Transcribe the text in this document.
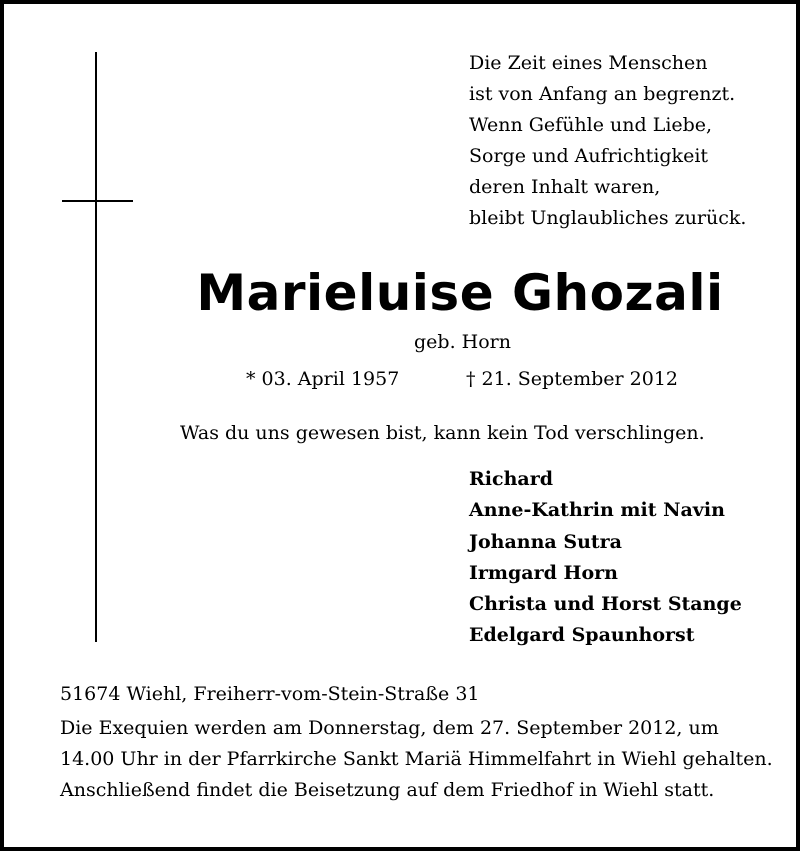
Die Zeit eines Menschen
ist von Anfang an begrenzt.
Wenn Gefühle und Liebe,
Sorge und Aufrichtigkeit
deren Inhalt waren,
bleibt Unglaubliches zurück.
Marieluise Ghozali
geb. Horn
* 03. April 1957	† 21. September 2012
Was du uns gewesen bist, kann kein Tod verschlingen.
Richard
Anne-Kathrin mit Navin
Johanna Sutra
Irmgard Horn
Christa und Horst Stange
Edelgard Spaunhorst
51674 Wiehl, Freiherr-vom-Stein-Straße 31
Die Exequien werden am Donnerstag, dem 27. September 2012, um
14.00 Uhr in der Pfarrkirche Sankt Mariä Himmelfahrt in Wiehl gehalten.
Anschließend findet die Beisetzung auf dem Friedhof in Wiehl statt.
